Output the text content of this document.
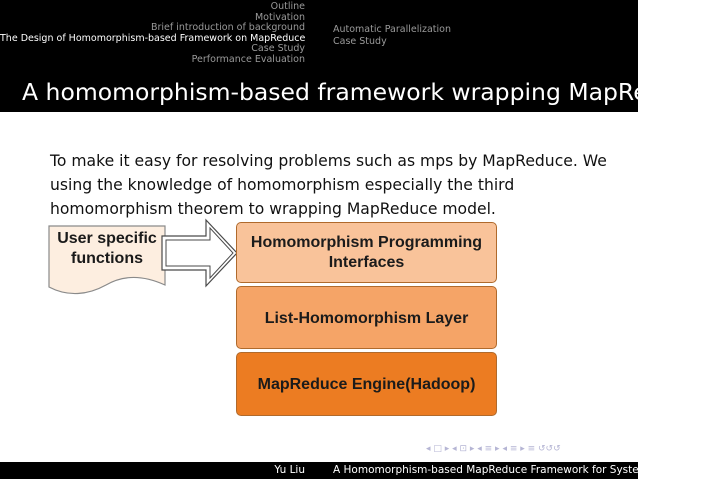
Outline
Motivation
Brief introduction of background
The Design of Homomorphism-based Framework on MapReduce
Case Study
Performance Evaluation
Automatic Parallelization
Case Study
A homomorphism-based framework wrapping MapReduce
To make it easy for resolving problems such as mps by MapReduce. We using the knowledge of homomorphism especially the third homomorphism theorem to wrapping MapReduce model.
User specific functions
Homomorphism Programming Interfaces
List-Homomorphism Layer
MapReduce Engine(Hadoop)
◂ □ ▸ ◂ ⊡ ▸ ◂ ≡ ▸ ◂ ≡ ▸ ≡ ↺↺↺
Yu Liu	A Homomorphism-based MapReduce Framework for Systematic P
